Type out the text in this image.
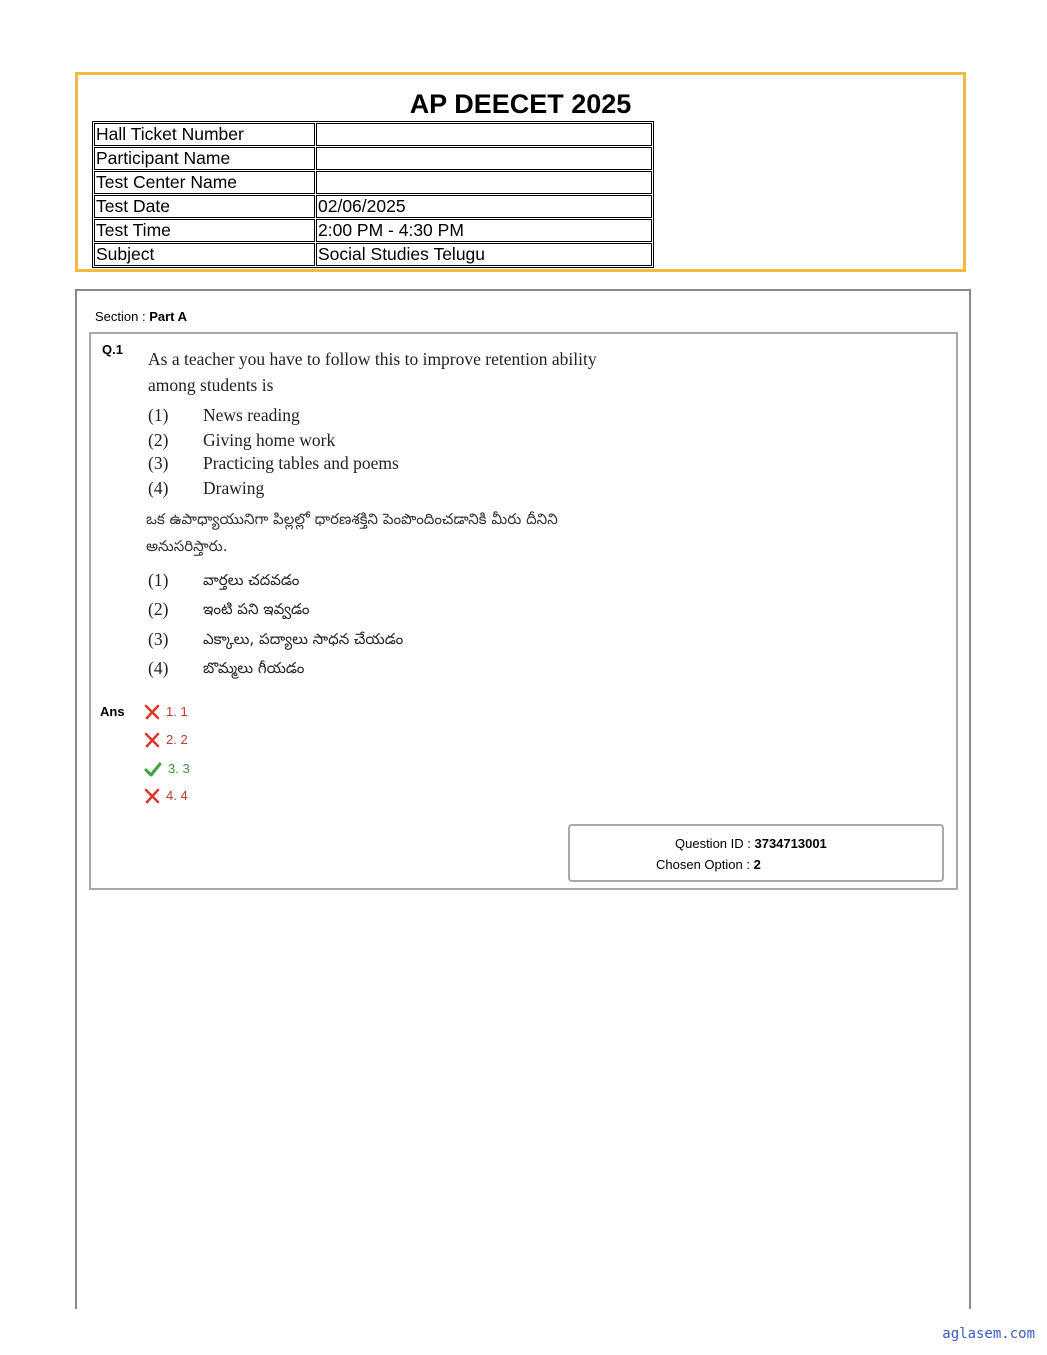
AP DEECET 2025
Hall Ticket Number	
Participant Name	
Test Center Name	
Test Date	02/06/2025
Test Time	2:00 PM - 4:30 PM
Subject	Social Studies Telugu
Section : Part A
Q.1 As a teacher you have to follow this to improve retention ability among students is
(1) News reading
(2) Giving home work
(3) Practicing tables and poems
(4) Drawing
ఒక ఉపాధ్యాయునిగా పిల్లల్లో ధారణశక్తిని పెంపొందించడానికి మీరు దీనిని అనుసరిస్తారు.
(1) వార్తలు చదవడం
(2) ఇంటి పని ఇవ్వడం
(3) ఎక్కాలు, పద్యాలు సాధన చేయడం
(4) బొమ్మలు గీయడం
Ans	1. 1
2. 2
3. 3
4. 4
Question ID : 3734713001
Chosen Option : 2
aglasem.com
